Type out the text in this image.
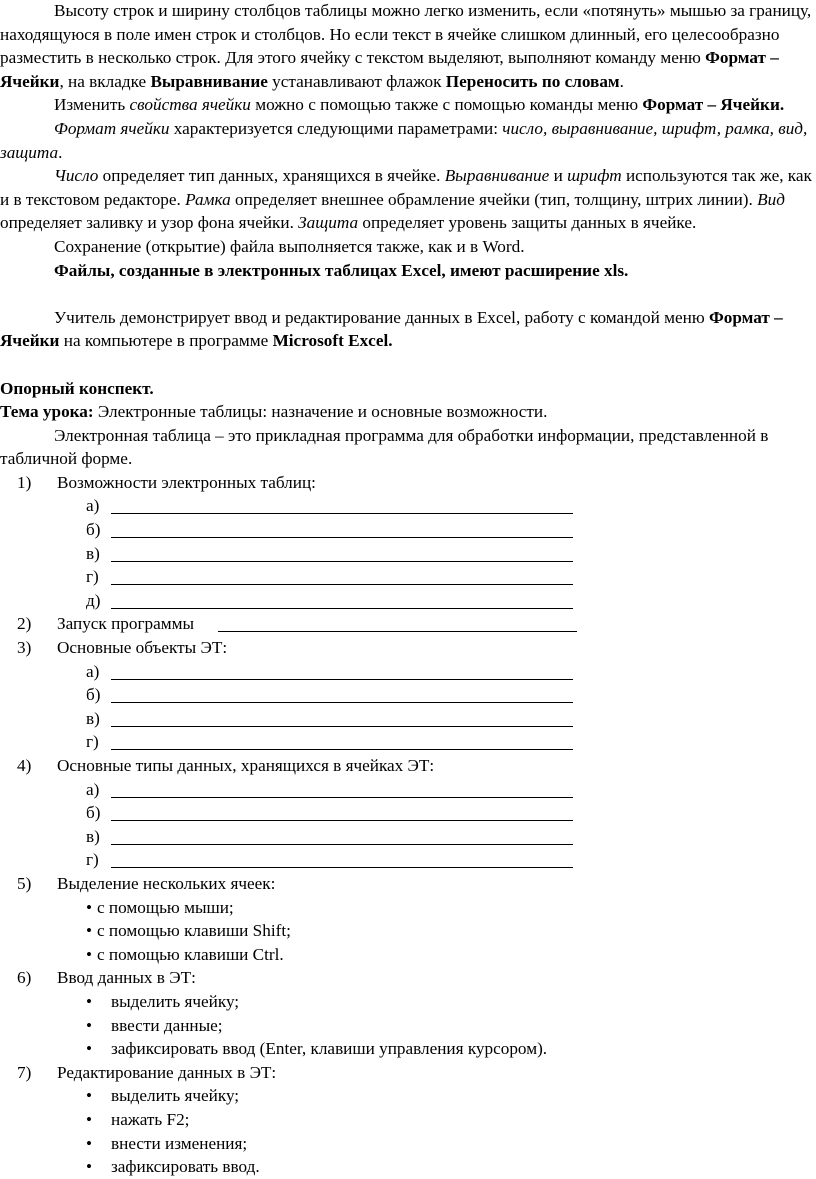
Высоту строк и ширину столбцов таблицы можно легко изменить, если «потянуть» мышью за границу, находящуюся в поле имен строк и столбцов. Но если текст в ячейке слишком длинный, его целесообразно разместить в несколько строк. Для этого ячейку с текстом выделяют, выполняют команду меню Формат – Ячейки, на вкладке Выравнивание устанавливают флажок Переносить по словам.

Изменить свойства ячейки можно с помощью также с помощью команды меню Формат – Ячейки.

Формат ячейки характеризуется следующими параметрами: число, выравнивание, шрифт, рамка, вид, защита.

Число определяет тип данных, хранящихся в ячейке. Выравнивание и шрифт используются так же, как и в текстовом редакторе. Рамка определяет внешнее обрамление ячейки (тип, толщину, штрих линии). Вид определяет заливку и узор фона ячейки. Защита определяет уровень защиты данных в ячейке.

Сохранение (открытие) файла выполняется также, как и в Word.

Файлы, созданные в электронных таблицах Excel, имеют расширение xls.

Учитель демонстрирует ввод и редактирование данных в Excel, работу с командой меню Формат – Ячейки на компьютере в программе Microsoft Excel.

Опорный конспект.

Тема урока: Электронные таблицы: назначение и основные возможности.

Электронная таблица – это прикладная программа для обработки информации, представленной в табличной форме.

1) Возможности электронных таблиц:
а)
б)
в)
г)
д)
2) Запуск программы
3) Основные объекты ЭТ:
а)
б)
в)
г)
4) Основные типы данных, хранящихся в ячейках ЭТ:
а)
б)
в)
г)
5) Выделение нескольких ячеек:
• с помощью мыши;
• с помощью клавиши Shift;
• с помощью клавиши Ctrl.
6) Ввод данных в ЭТ:
• выделить ячейку;
• ввести данные;
• зафиксировать ввод (Enter, клавиши управления курсором).
7) Редактирование данных в ЭТ:
• выделить ячейку;
• нажать F2;
• внести изменения;
• зафиксировать ввод.
